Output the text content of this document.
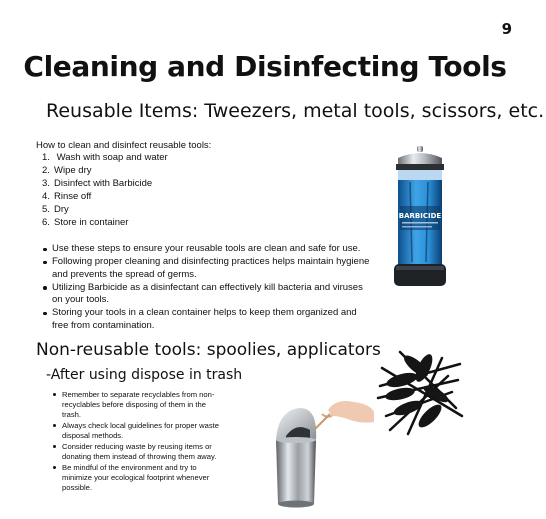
9
Cleaning and Disinfecting Tools
Reusable Items: Tweezers, metal tools, scissors, etc.
How to clean and disinfect reusable tools:
1. Wash with soap and water
2. Wipe dry
3. Disinfect with Barbicide
4. Rinse off
5. Dry
6. Store in container
Use these steps to ensure your reusable tools are clean and safe for use.
Following proper cleaning and disinfecting practices helps maintain hygiene and prevents the spread of germs.
Utilizing Barbicide as a disinfectant can effectively kill bacteria and viruses on your tools.
Storing your tools in a clean container helps to keep them organized and free from contamination.
Non-reusable tools: spoolies, applicators
-After using dispose in trash
Remember to separate recyclables from non-recyclables before disposing of them in the trash.
Always check local guidelines for proper waste disposal methods.
Consider reducing waste by reusing items or donating them instead of throwing them away.
Be mindful of the environment and try to minimize your ecological footprint whenever possible.
BARBICIDE
